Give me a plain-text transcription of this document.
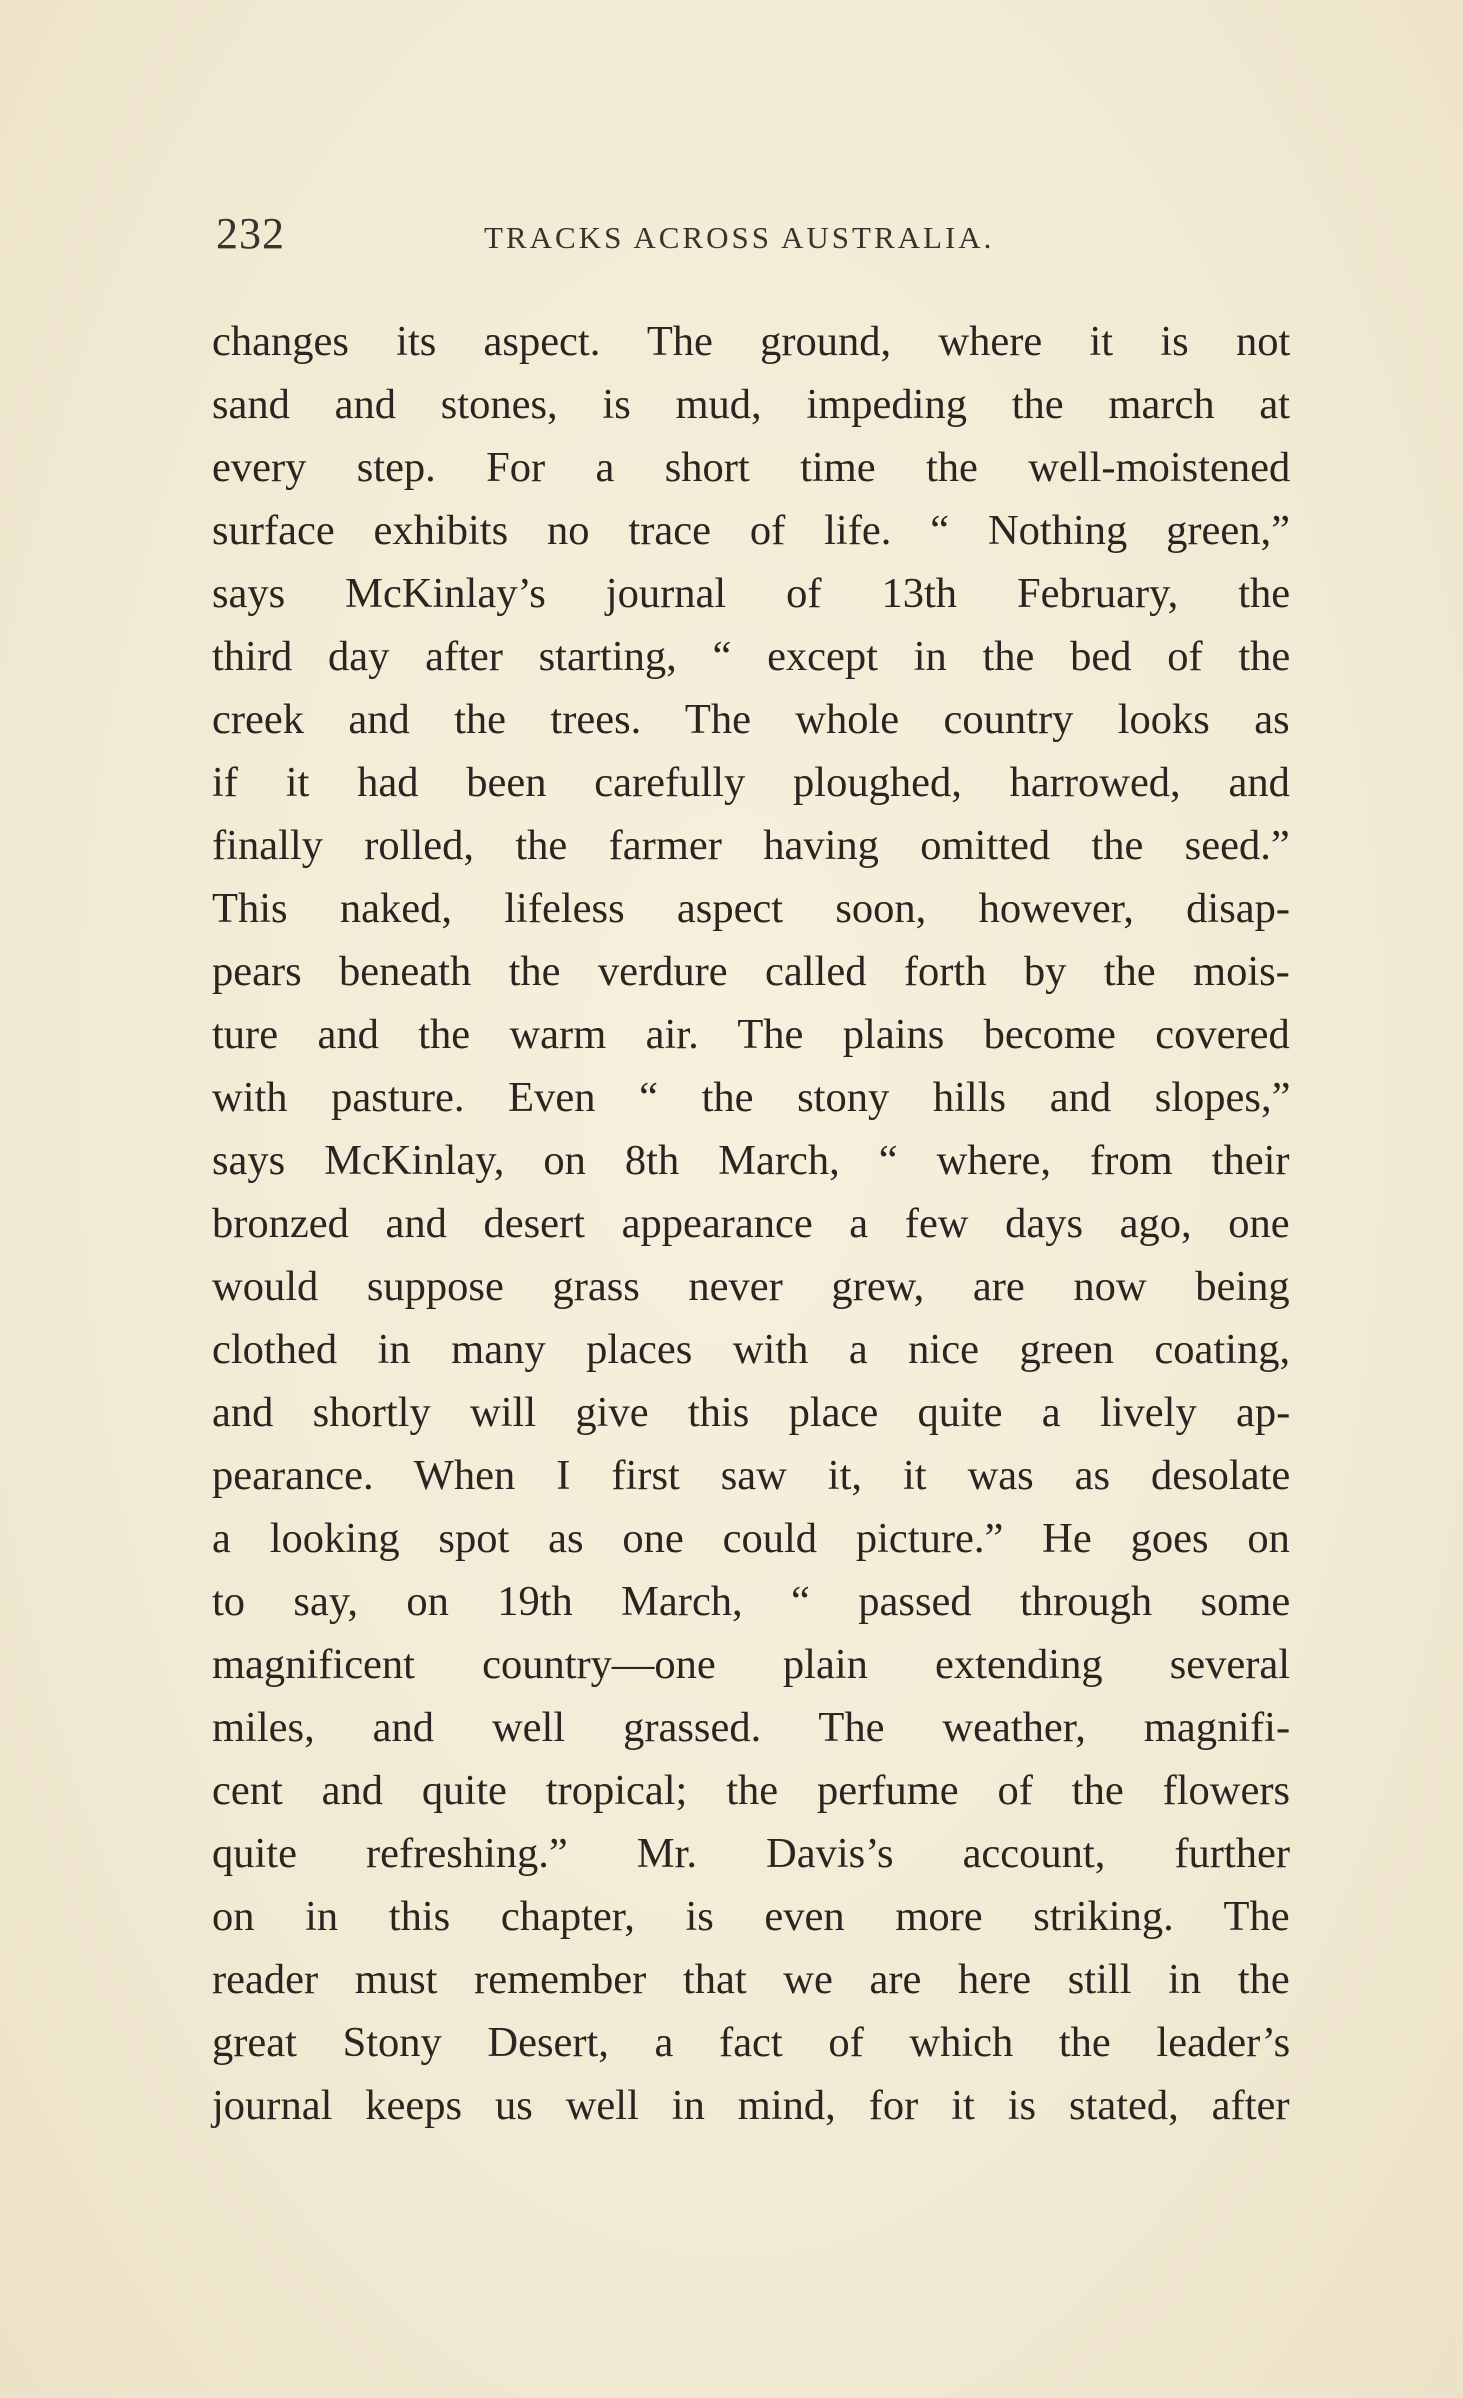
232	TRACKS ACROSS AUSTRALIA.
changes its aspect. The ground, where it is not
sand and stones, is mud, impeding the march at
every step. For a short time the well-moistened
surface exhibits no trace of life. “ Nothing green,”
says McKinlay’s journal of 13th February, the
third day after starting, “ except in the bed of the
creek and the trees. The whole country looks as
if it had been carefully ploughed, harrowed, and
finally rolled, the farmer having omitted the seed.”
This naked, lifeless aspect soon, however, disap-
pears beneath the verdure called forth by the mois-
ture and the warm air. The plains become covered
with pasture. Even “ the stony hills and slopes,”
says McKinlay, on 8th March, “ where, from their
bronzed and desert appearance a few days ago, one
would suppose grass never grew, are now being
clothed in many places with a nice green coating,
and shortly will give this place quite a lively ap-
pearance. When I first saw it, it was as desolate
a looking spot as one could picture.” He goes on
to say, on 19th March, “ passed through some
magnificent country—one plain extending several
miles, and well grassed. The weather, magnifi-
cent and quite tropical; the perfume of the flowers
quite refreshing.” Mr. Davis’s account, further
on in this chapter, is even more striking. The
reader must remember that we are here still in the
great Stony Desert, a fact of which the leader’s
journal keeps us well in mind, for it is stated, after
